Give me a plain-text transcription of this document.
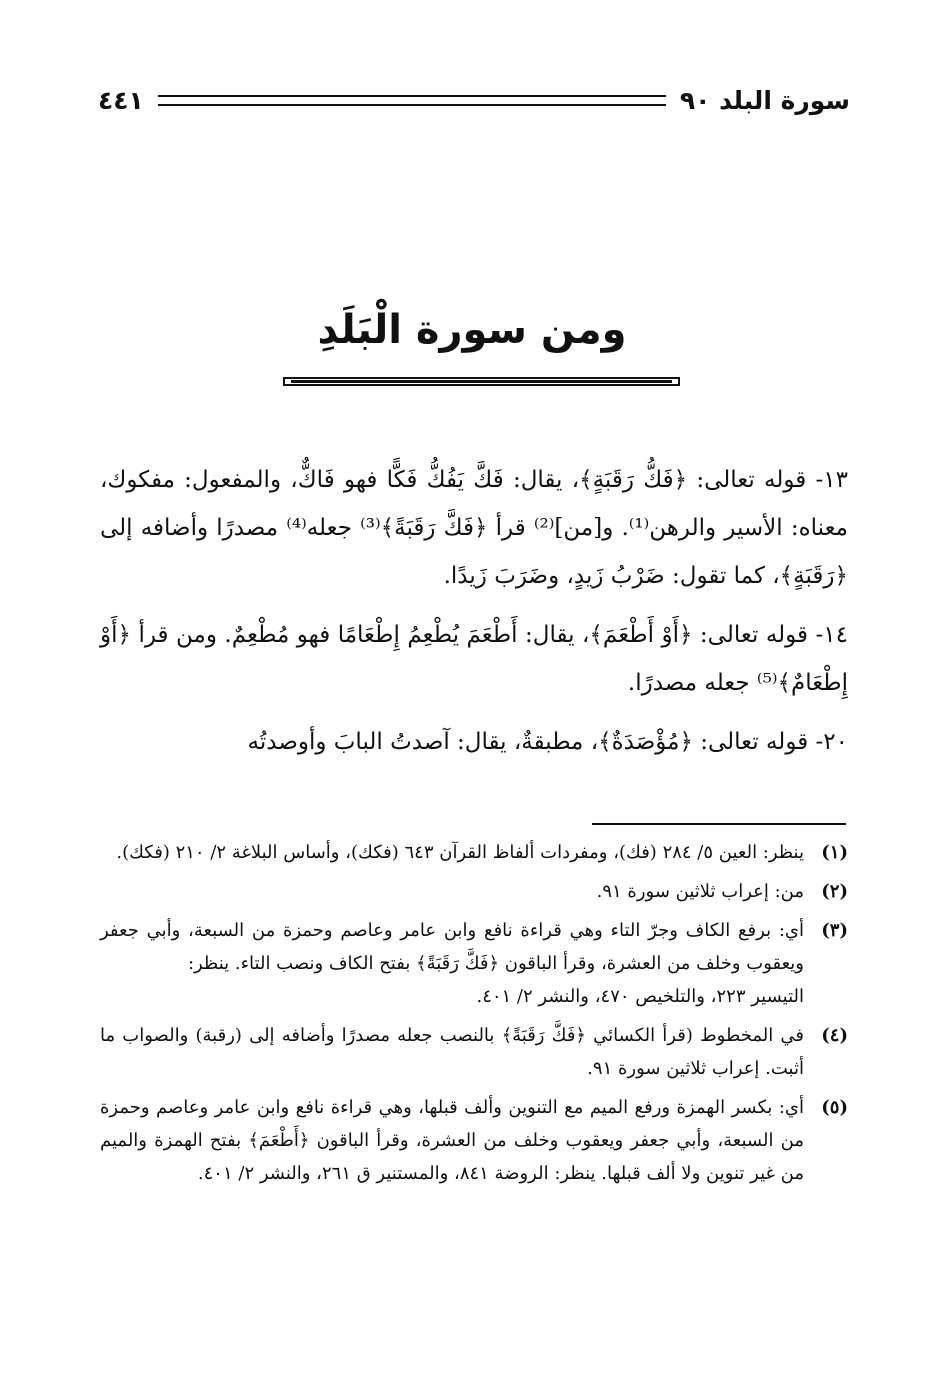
سورة البلد ٩٠
٤٤١
ومن سورة الْبَلَدِ

١٣- قوله تعالى: ﴿فَكُّ رَقَبَةٍ﴾، يقال: فَكَّ يَفُكُّ فَكًّا فهو فَاكٌّ، والمفعول: مفكوك، معناه: الأسير والرهن⁽¹⁾. و[من]⁽²⁾ قرأ ﴿فَكَّ رَقَبَةً﴾⁽³⁾ جعله⁽⁴⁾ مصدرًا وأضافه إلى ﴿رَقَبَةٍ﴾، كما تقول: ضَرْبُ زَيدٍ، وضَرَبَ زَيدًا.

١٤- قوله تعالى: ﴿أَوْ أَطْعَمَ﴾، يقال: أَطْعَمَ يُطْعِمُ إِطْعَامًا فهو مُطْعِمٌ. ومن قرأ ﴿أَوْ إِطْعَامٌ﴾⁽⁵⁾ جعله مصدرًا.

٢٠- قوله تعالى: ﴿مُؤْصَدَةٌ﴾، مطبقةٌ، يقال: آصدتُ البابَ وأوصدتُه

(١)
ينظر: العين ٥/ ٢٨٤ (فك)، ومفردات ألفاظ القرآن ٦٤٣ (فكك)، وأساس البلاغة ٢/ ٢١٠ (فكك).
(٢)
من: إعراب ثلاثين سورة ٩١.
(٣)
أي: برفع الكاف وجرّ التاء وهي قراءة نافع وابن عامر وعاصم وحمزة من السبعة، وأبي جعفر ويعقوب وخلف من العشرة، وقرأ الباقون ﴿فَكَّ رَقَبَةً﴾ بفتح الكاف ونصب التاء. ينظر:
التيسير ٢٢٣، والتلخيص ٤٧٠، والنشر ٢/ ٤٠١.
(٤)
في المخطوط (قرأ الكسائي ﴿فَكَّ رَقَبَةً﴾ بالنصب جعله مصدرًا وأضافه إلى (رقبة) والصواب ما أثبت. إعراب ثلاثين سورة ٩١.
(٥)
أي: بكسر الهمزة ورفع الميم مع التنوين وألف قبلها، وهي قراءة نافع وابن عامر وعاصم وحمزة من السبعة، وأبي جعفر ويعقوب وخلف من العشرة، وقرأ الباقون ﴿أَطْعَمَ﴾ بفتح الهمزة والميم من غير تنوين ولا ألف قبلها. ينظر: الروضة ٨٤١، والمستنير ق ٢٦١، والنشر ٢/ ٤٠١.
